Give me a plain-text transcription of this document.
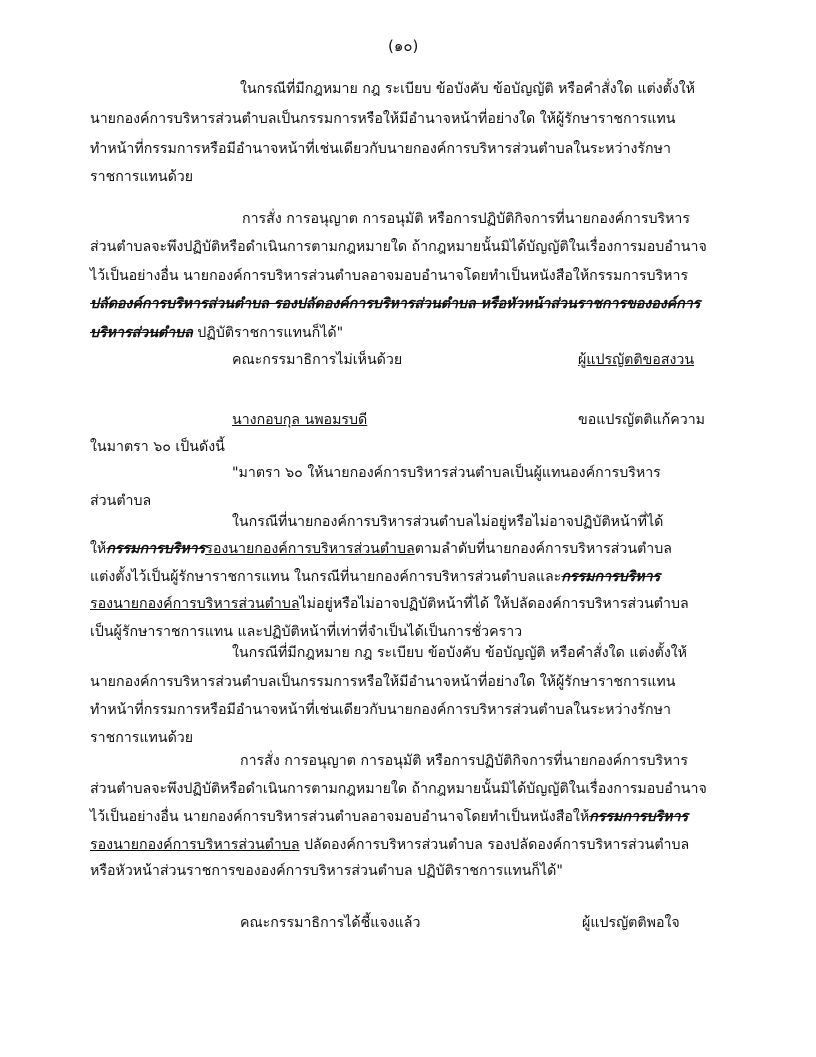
(๑๐)
ในกรณีที่มีกฎหมาย กฎ ระเบียบ ข้อบังคับ ข้อบัญญัติ หรือคำสั่งใด แต่งตั้งให้
นายกองค์การบริหารส่วนตำบลเป็นกรรมการหรือให้มีอำนาจหน้าที่อย่างใด ให้ผู้รักษาราชการแทน
ทำหน้าที่กรรมการหรือมีอำนาจหน้าที่เช่นเดียวกับนายกองค์การบริหารส่วนตำบลในระหว่างรักษา
ราชการแทนด้วย
การสั่ง การอนุญาต การอนุมัติ หรือการปฏิบัติกิจการที่นายกองค์การบริหาร
ส่วนตำบลจะพึงปฏิบัติหรือดำเนินการตามกฎหมายใด ถ้ากฎหมายนั้นมิได้บัญญัติในเรื่องการมอบอำนาจ
ไว้เป็นอย่างอื่น นายกองค์การบริหารส่วนตำบลอาจมอบอำนาจโดยทำเป็นหนังสือให้กรรมการบริหาร
ปลัดองค์การบริหารส่วนตำบล รองปลัดองค์การบริหารส่วนตำบล หรือหัวหน้าส่วนราชการขององค์การ
บริหารส่วนตำบล ปฏิบัติราชการแทนก็ได้"
คณะกรรมาธิการไม่เห็นด้วย	ผู้แปรญัตติขอสงวน
นางกอบกุล นพอมรบดี	ขอแปรญัตติแก้ความ
ในมาตรา ๖๐ เป็นดังนี้
"มาตรา ๖๐ ให้นายกองค์การบริหารส่วนตำบลเป็นผู้แทนองค์การบริหาร
ส่วนตำบล
ในกรณีที่นายกองค์การบริหารส่วนตำบลไม่อยู่หรือไม่อาจปฏิบัติหน้าที่ได้
ให้กรรมการบริหารรองนายกองค์การบริหารส่วนตำบลตามลำดับที่นายกองค์การบริหารส่วนตำบล
แต่งตั้งไว้เป็นผู้รักษาราชการแทน ในกรณีที่นายกองค์การบริหารส่วนตำบลและกรรมการบริหาร
รองนายกองค์การบริหารส่วนตำบลไม่อยู่หรือไม่อาจปฏิบัติหน้าที่ได้ ให้ปลัดองค์การบริหารส่วนตำบล
เป็นผู้รักษาราชการแทน และปฏิบัติหน้าที่เท่าที่จำเป็นได้เป็นการชั่วคราว
ในกรณีที่มีกฎหมาย กฎ ระเบียบ ข้อบังคับ ข้อบัญญัติ หรือคำสั่งใด แต่งตั้งให้
นายกองค์การบริหารส่วนตำบลเป็นกรรมการหรือให้มีอำนาจหน้าที่อย่างใด ให้ผู้รักษาราชการแทน
ทำหน้าที่กรรมการหรือมีอำนาจหน้าที่เช่นเดียวกับนายกองค์การบริหารส่วนตำบลในระหว่างรักษา
ราชการแทนด้วย
การสั่ง การอนุญาต การอนุมัติ หรือการปฏิบัติกิจการที่นายกองค์การบริหาร
ส่วนตำบลจะพึงปฏิบัติหรือดำเนินการตามกฎหมายใด ถ้ากฎหมายนั้นมิได้บัญญัติในเรื่องการมอบอำนาจ
ไว้เป็นอย่างอื่น นายกองค์การบริหารส่วนตำบลอาจมอบอำนาจโดยทำเป็นหนังสือให้กรรมการบริหาร
รองนายกองค์การบริหารส่วนตำบล ปลัดองค์การบริหารส่วนตำบล รองปลัดองค์การบริหารส่วนตำบล
หรือหัวหน้าส่วนราชการขององค์การบริหารส่วนตำบล ปฏิบัติราชการแทนก็ได้"
คณะกรรมาธิการได้ชี้แจงแล้ว	ผู้แปรญัตติพอใจ
